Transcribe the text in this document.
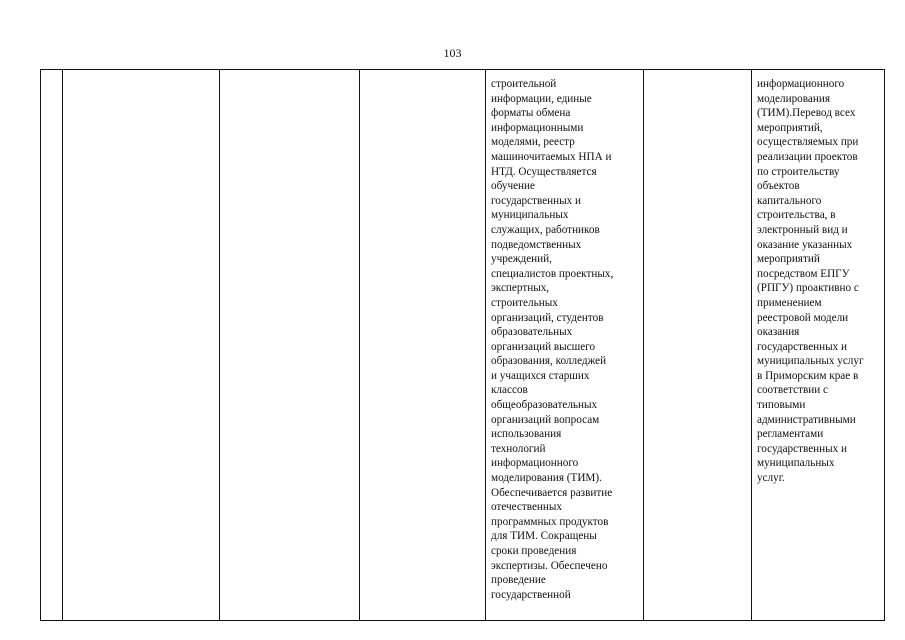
103
строительной
информации, единые
форматы обмена
информационными
моделями, реестр
машиночитаемых НПА и
НТД. Осуществляется
обучение
государственных и
муниципальных
служащих, работников
подведомственных
учреждений,
специалистов проектных,
экспертных,
строительных
организаций, студентов
образовательных
организаций высшего
образования, колледжей
и учащихся старших
классов
общеобразовательных
организаций вопросам
использования
технологий
информационного
моделирования (ТИМ).
Обеспечивается развитие
отечественных
программных продуктов
для ТИМ. Сокращены
сроки проведения
экспертизы. Обеспечено
проведение
государственной
информационного
моделирования
(ТИМ).Перевод всех
мероприятий,
осуществляемых при
реализации проектов
по строительству
объектов
капитального
строительства, в
электронный вид и
оказание указанных
мероприятий
посредством ЕПГУ
(РПГУ) проактивно с
применением
реестровой модели
оказания
государственных и
муниципальных услуг
в Приморским крае в
соответствии с
типовыми
административными
регламентами
государственных и
муниципальных
услуг.
